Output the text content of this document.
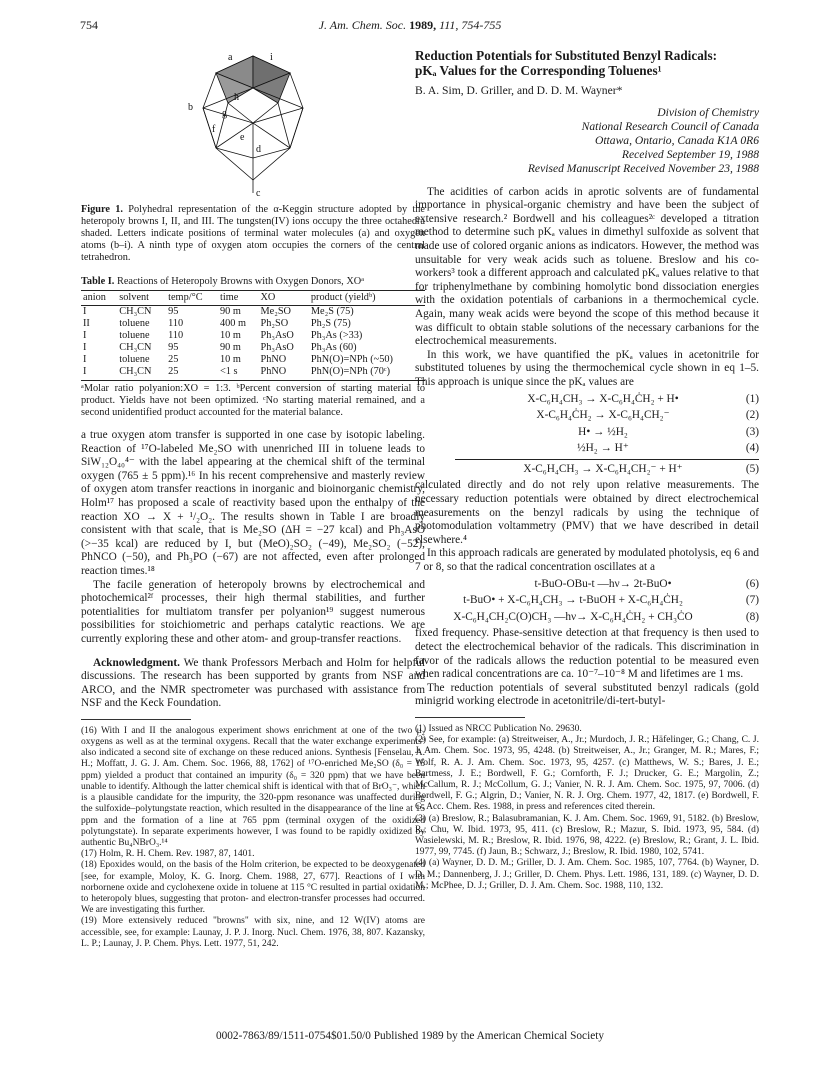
754	J. Am. Chem. Soc. 1989, 111, 754-755
a
b
c
d
e
f
g
h
i
Figure 1. Polyhedral representation of the α-Keggin structure adopted by the heteropoly browns I, II, and III. The tungsten(IV) ions occupy the three octahedra shaded. Letters indicate positions of terminal water molecules (a) and oxygen atoms (b–i). A ninth type of oxygen atom occupies the corners of the central tetrahedron.
Table I. Reactions of Heteropoly Browns with Oxygen Donors, XOᵃ
anion	solvent	temp/°C	time	XO	product (yieldᵇ)
I	CH₃CN	95	90 m	Me₂SO	Me₂S (75)
II	toluene	110	400 m	Ph₂SO	Ph₂S (75)
I	toluene	110	10 m	Ph₃AsO	Ph₃As (>33)
I	CH₃CN	95	90 m	Ph₃AsO	Ph₃As (60)
I	toluene	25	10 m	PhNO	PhN(O)=NPh (~50)
I	CH₃CN	25	<1 s	PhNO	PhN(O)=NPh (70ᶜ)
ᵃMolar ratio polyanion:XO = 1:3. ᵇPercent conversion of starting material to product. Yields have not been optimized. ᶜNo starting material remained, and a second unidentified product accounted for the material balance.

a true oxygen atom transfer is supported in one case by isotopic labeling. Reaction of ¹⁷O-labeled Me₂SO with unenriched III in toluene leads to SiW₁₂O₄₀⁴⁻ with the label appearing at the chemical shift of the terminal oxygen (765 ± 5 ppm).¹⁶ In his recent comprehensive and masterly review of oxygen atom transfer reactions in inorganic and bioinorganic chemistry, Holm¹⁷ has proposed a scale of reactivity based upon the enthalpy of the reaction XO → X + ¹/₂O₂. The results shown in Table I are broadly consistent with that scale, that is Me₂SO (ΔH = −27 kcal) and Ph₃AsO (>−35 kcal) are reduced by I, but (MeO)₂SO₂ (−49), Me₂SO₂ (−52), PhNCO (−50), and Ph₃PO (−67) are not affected, even after prolonged reaction times.¹⁸

The facile generation of heteropoly browns by electrochemical and photochemical²ᶠ processes, their high thermal stabilities, and further potentialities for multiatom transfer per polyanion¹⁹ suggest numerous possibilities for stoichiometric and perhaps catalytic reactions. We are currently exploring these and other atom- and group-transfer reactions.

Acknowledgment. We thank Professors Merbach and Holm for helpful discussions. The research has been supported by grants from NSF and ARCO, and the NMR spectrometer was purchased with assistance from NSF and the Keck Foundation.

(16) With I and II the analogous experiment shows enrichment at one of the two μ₂ oxygens as well as at the terminal oxygens. Recall that the water exchange experiments⁹ also indicated a second site of exchange on these reduced anions. Synthesis [Fenselau, A. H.; Moffatt, J. G. J. Am. Chem. Soc. 1966, 88, 1762] of ¹⁷O-enriched Me₂SO (δ₀ = 15 ppm) yielded a product that contained an impurity (δ₀ = 320 ppm) that we have been unable to identify. Although the latter chemical shift is identical with that of BrO₃⁻, which is a plausible candidate for the impurity, the 320-ppm resonance was unaffected during the sulfoxide–polytungstate reaction, which resulted in the disappearance of the line at 15 ppm and the formation of a line at 765 ppm (terminal oxygen of the oxidized polytungstate). In separate experiments however, I was found to be rapidly oxidized by authentic Bu₄NBrO₃.¹⁴
(17) Holm, R. H. Chem. Rev. 1987, 87, 1401.
(18) Epoxides would, on the basis of the Holm criterion, be expected to be deoxygenated [see, for example, Moloy, K. G. Inorg. Chem. 1988, 27, 677]. Reactions of I with norbornene oxide and cyclohexene oxide in toluene at 115 °C resulted in partial oxidation to heteropoly blues, suggesting that proton- and electron-transfer processes had occurred. We are investigating this further.
(19) More extensively reduced "browns" with six, nine, and 12 W(IV) atoms are accessible, see, for example: Launay, J. P. J. Inorg. Nucl. Chem. 1976, 38, 807. Kazansky, L. P.; Launay, J. P. Chem. Phys. Lett. 1977, 51, 242.
Reduction Potentials for Substituted Benzyl Radicals:
pKₐ Values for the Corresponding Toluenes¹
B. A. Sim, D. Griller, and D. D. M. Wayner*
Division of Chemistry
National Research Council of Canada
Ottawa, Ontario, Canada K1A 0R6
Received September 19, 1988
Revised Manuscript Received November 23, 1988

The acidities of carbon acids in aprotic solvents are of fundamental importance in physical-organic chemistry and have been the subject of extensive research.² Bordwell and his colleagues²ᶜ developed a titration method to determine such pKₐ values in dimethyl sulfoxide as solvent that made use of colored organic anions as indicators. However, the method was unsuitable for very weak acids such as toluene. Breslow and his co-workers³ took a different approach and calculated pKₐ values relative to that for triphenylmethane by combining homolytic bond dissociation energies with the oxidation potentials of carbanions in a thermochemical cycle. Again, many weak acids were beyond the scope of this method because it was difficult to obtain stable solutions of the necessary carbanions for the electrochemical measurements.

In this work, we have quantified the pKₐ values in acetonitrile for substituted toluenes by using the thermochemical cycle shown in eq 1–5. This approach is unique since the pKₐ values are

X-C₆H₄CH₃ → X-C₆H₄ĊH₂ + H•	(1)
X-C₆H₄ĊH₂ → X-C₆H₄CH₂⁻	(2)
H• → ½H₂	(3)
½H₂ → H⁺	(4)
X-C₆H₄CH₃ → X-C₆H₄CH₂⁻ + H⁺	(5)

calculated directly and do not rely upon relative measurements. The necessary reduction potentials were obtained by direct electrochemical measurements on the benzyl radicals by using the technique of photomodulation voltammetry (PMV) that we have described in detail elsewhere.⁴

In this approach radicals are generated by modulated photolysis, eq 6 and 7 or 8, so that the radical concentration oscillates at a

t-BuO-OBu-t —hν→ 2t-BuO•	(6)
t-BuO• + X-C₆H₄CH₃ → t-BuOH + X-C₆H₄ĊH₂	(7)
X-C₆H₄CH₂C(O)CH₃ —hν→ X-C₆H₄ĊH₂ + CH₃ĊO	(8)

fixed frequency. Phase-sensitive detection at that frequency is then used to detect the electrochemical behavior of the radicals. This discrimination in favor of the radicals allows the reduction potential to be measured even when radical concentrations are ca. 10⁻⁷–10⁻⁸ M and lifetimes are 1 ms.

The reduction potentials of several substituted benzyl radicals (gold minigrid working electrode in acetonitrile/di-tert-butyl-

(1) Issued as NRCC Publication No. 29630.
(2) See, for example: (a) Streitweiser, A., Jr.; Murdoch, J. R.; Häfelinger, G.; Chang, C. J. J. Am. Chem. Soc. 1973, 95, 4248. (b) Streitweiser, A., Jr.; Granger, M. R.; Mares, F.; Wolf, R. A. J. Am. Chem. Soc. 1973, 95, 4257. (c) Matthews, W. S.; Bares, J. E.; Bartmess, J. E.; Bordwell, F. G.; Cornforth, F. J.; Drucker, G. E.; Margolin, Z.; McCallum, R. J.; McCollum, G. J.; Vanier, N. R. J. Am. Chem. Soc. 1975, 97, 7006. (d) Bordwell, F. G.; Algrin, D.; Vanier, N. R. J. Org. Chem. 1977, 42, 1817. (e) Bordwell, F. G. Acc. Chem. Res. 1988, in press and references cited therein.
(3) (a) Breslow, R.; Balasubramanian, K. J. Am. Chem. Soc. 1969, 91, 5182. (b) Breslow, R.; Chu, W. Ibid. 1973, 95, 411. (c) Breslow, R.; Mazur, S. Ibid. 1973, 95, 584. (d) Wasielewski, M. R.; Breslow, R. Ibid. 1976, 98, 4222. (e) Breslow, R.; Grant, J. L. Ibid. 1977, 99, 7745. (f) Jaun, B.; Schwarz, J.; Breslow, R. Ibid. 1980, 102, 5741.
(4) (a) Wayner, D. D. M.; Griller, D. J. Am. Chem. Soc. 1985, 107, 7764. (b) Wayner, D. D. M.; Dannenberg, J. J.; Griller, D. Chem. Phys. Lett. 1986, 131, 189. (c) Wayner, D. D. M.; McPhee, D. J.; Griller, D. J. Am. Chem. Soc. 1988, 110, 132.
0002-7863/89/1511-0754$01.50/0 Published 1989 by the American Chemical Society
